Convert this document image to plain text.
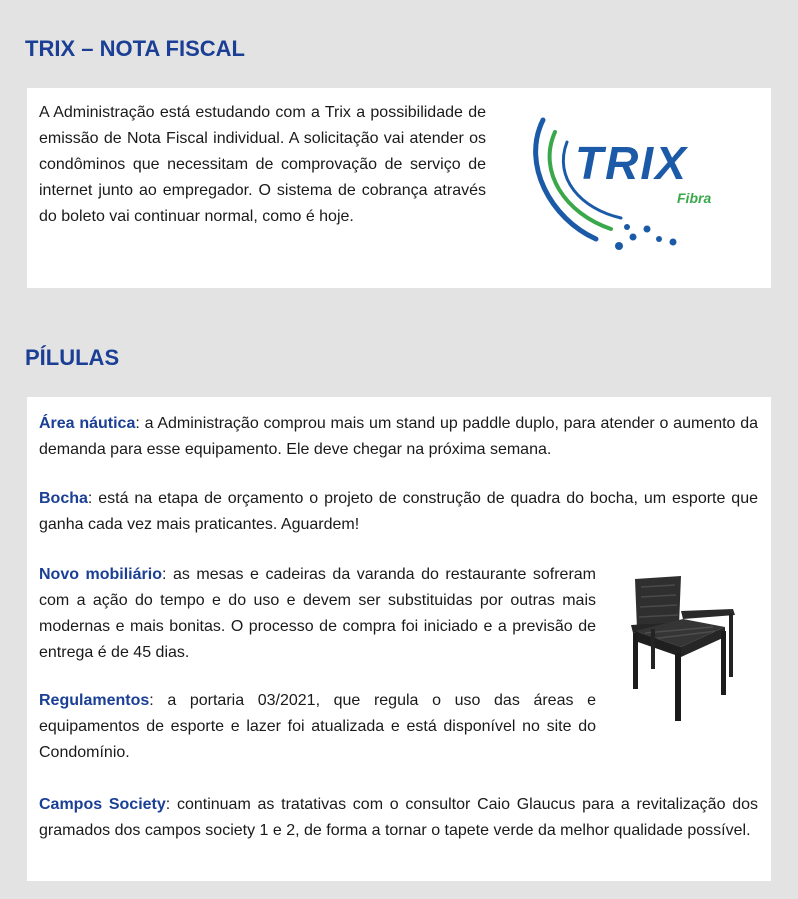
TRIX – NOTA FISCAL

A Administração está estudando com a Trix a possibilidade de emissão de Nota Fiscal individual. A solicitação vai atender os condôminos que necessitam de comprovação de serviço de internet junto ao empregador. O sistema de cobrança através do boleto vai continuar normal, como é hoje.

TRIX
Fibra
PÍLULAS

Área náutica: a Administração comprou mais um stand up paddle duplo, para atender o aumento da demanda para esse equipamento. Ele deve chegar na próxima semana.

Bocha: está na etapa de orçamento o projeto de construção de quadra do bocha, um esporte que ganha cada vez mais praticantes. Aguardem!

Novo mobiliário: as mesas e cadeiras da varanda do restaurante sofreram com a ação do tempo e do uso e devem ser substituidas por outras mais modernas e mais bonitas. O processo de compra foi iniciado e a previsão de entrega é de 45 dias.

Regulamentos: a portaria 03/2021, que regula o uso das áreas e equipamentos de esporte e lazer foi atualizada e está disponível no site do Condomínio.

Campos Society: continuam as tratativas com o consultor Caio Glaucus para a revitalização dos gramados dos campos society 1 e 2, de forma a tornar o tapete verde da melhor qualidade possível.
